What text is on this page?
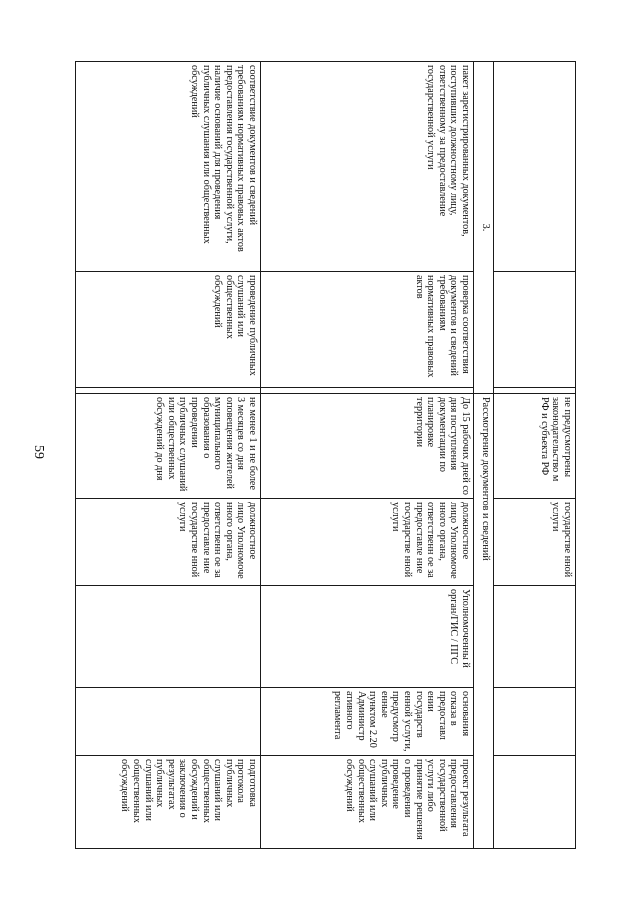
59
				не предусмотрены законодательство м РФ и субъекта РФ	государстве нной услуги			
3.			Рассмотрение документов и сведений				
пакет зарегистрированных документов, поступивших должностному лицу, ответственному за предоставление государственной услуги	проверка соответствия документов и сведений требованиям нормативных правовых актов		До 15 рабочих дней со дня поступления документации по планировке территории	должностное лицо Уполномоче нного органа, ответственн ое за предоставле ние государстве нной услуги	Уполномоченны й орган/ГИС / ПГС	основания отказа в предоставл ении государств енной услуги, предусмотр енные пунктом 2.20 Администр ативного регламента	проект результата предоставления государственной услуги либо принятие решения о проведении проведение публичных слушаний или общественных обсуждений
соответствие документов и сведений требованиям нормативных правовых актов предоставления государственной услуги, наличие оснований для проведения публичных слушания или общественных обсуждений	проведение публичных слушаний или общественных обсуждений		не менее 1 и не более 3 месяцев со дня оповещения жителей муниципального образования о проведении публичных слушаний или общественных обсуждений до дня	должностное лицо Уполномоче нного органа, ответственн ое за предоставле ние государстве нной услуги			подготовка протокола публичных слушаний или общественных обсуждений и заключения о результатах публичных слушаний или общественных обсуждений
